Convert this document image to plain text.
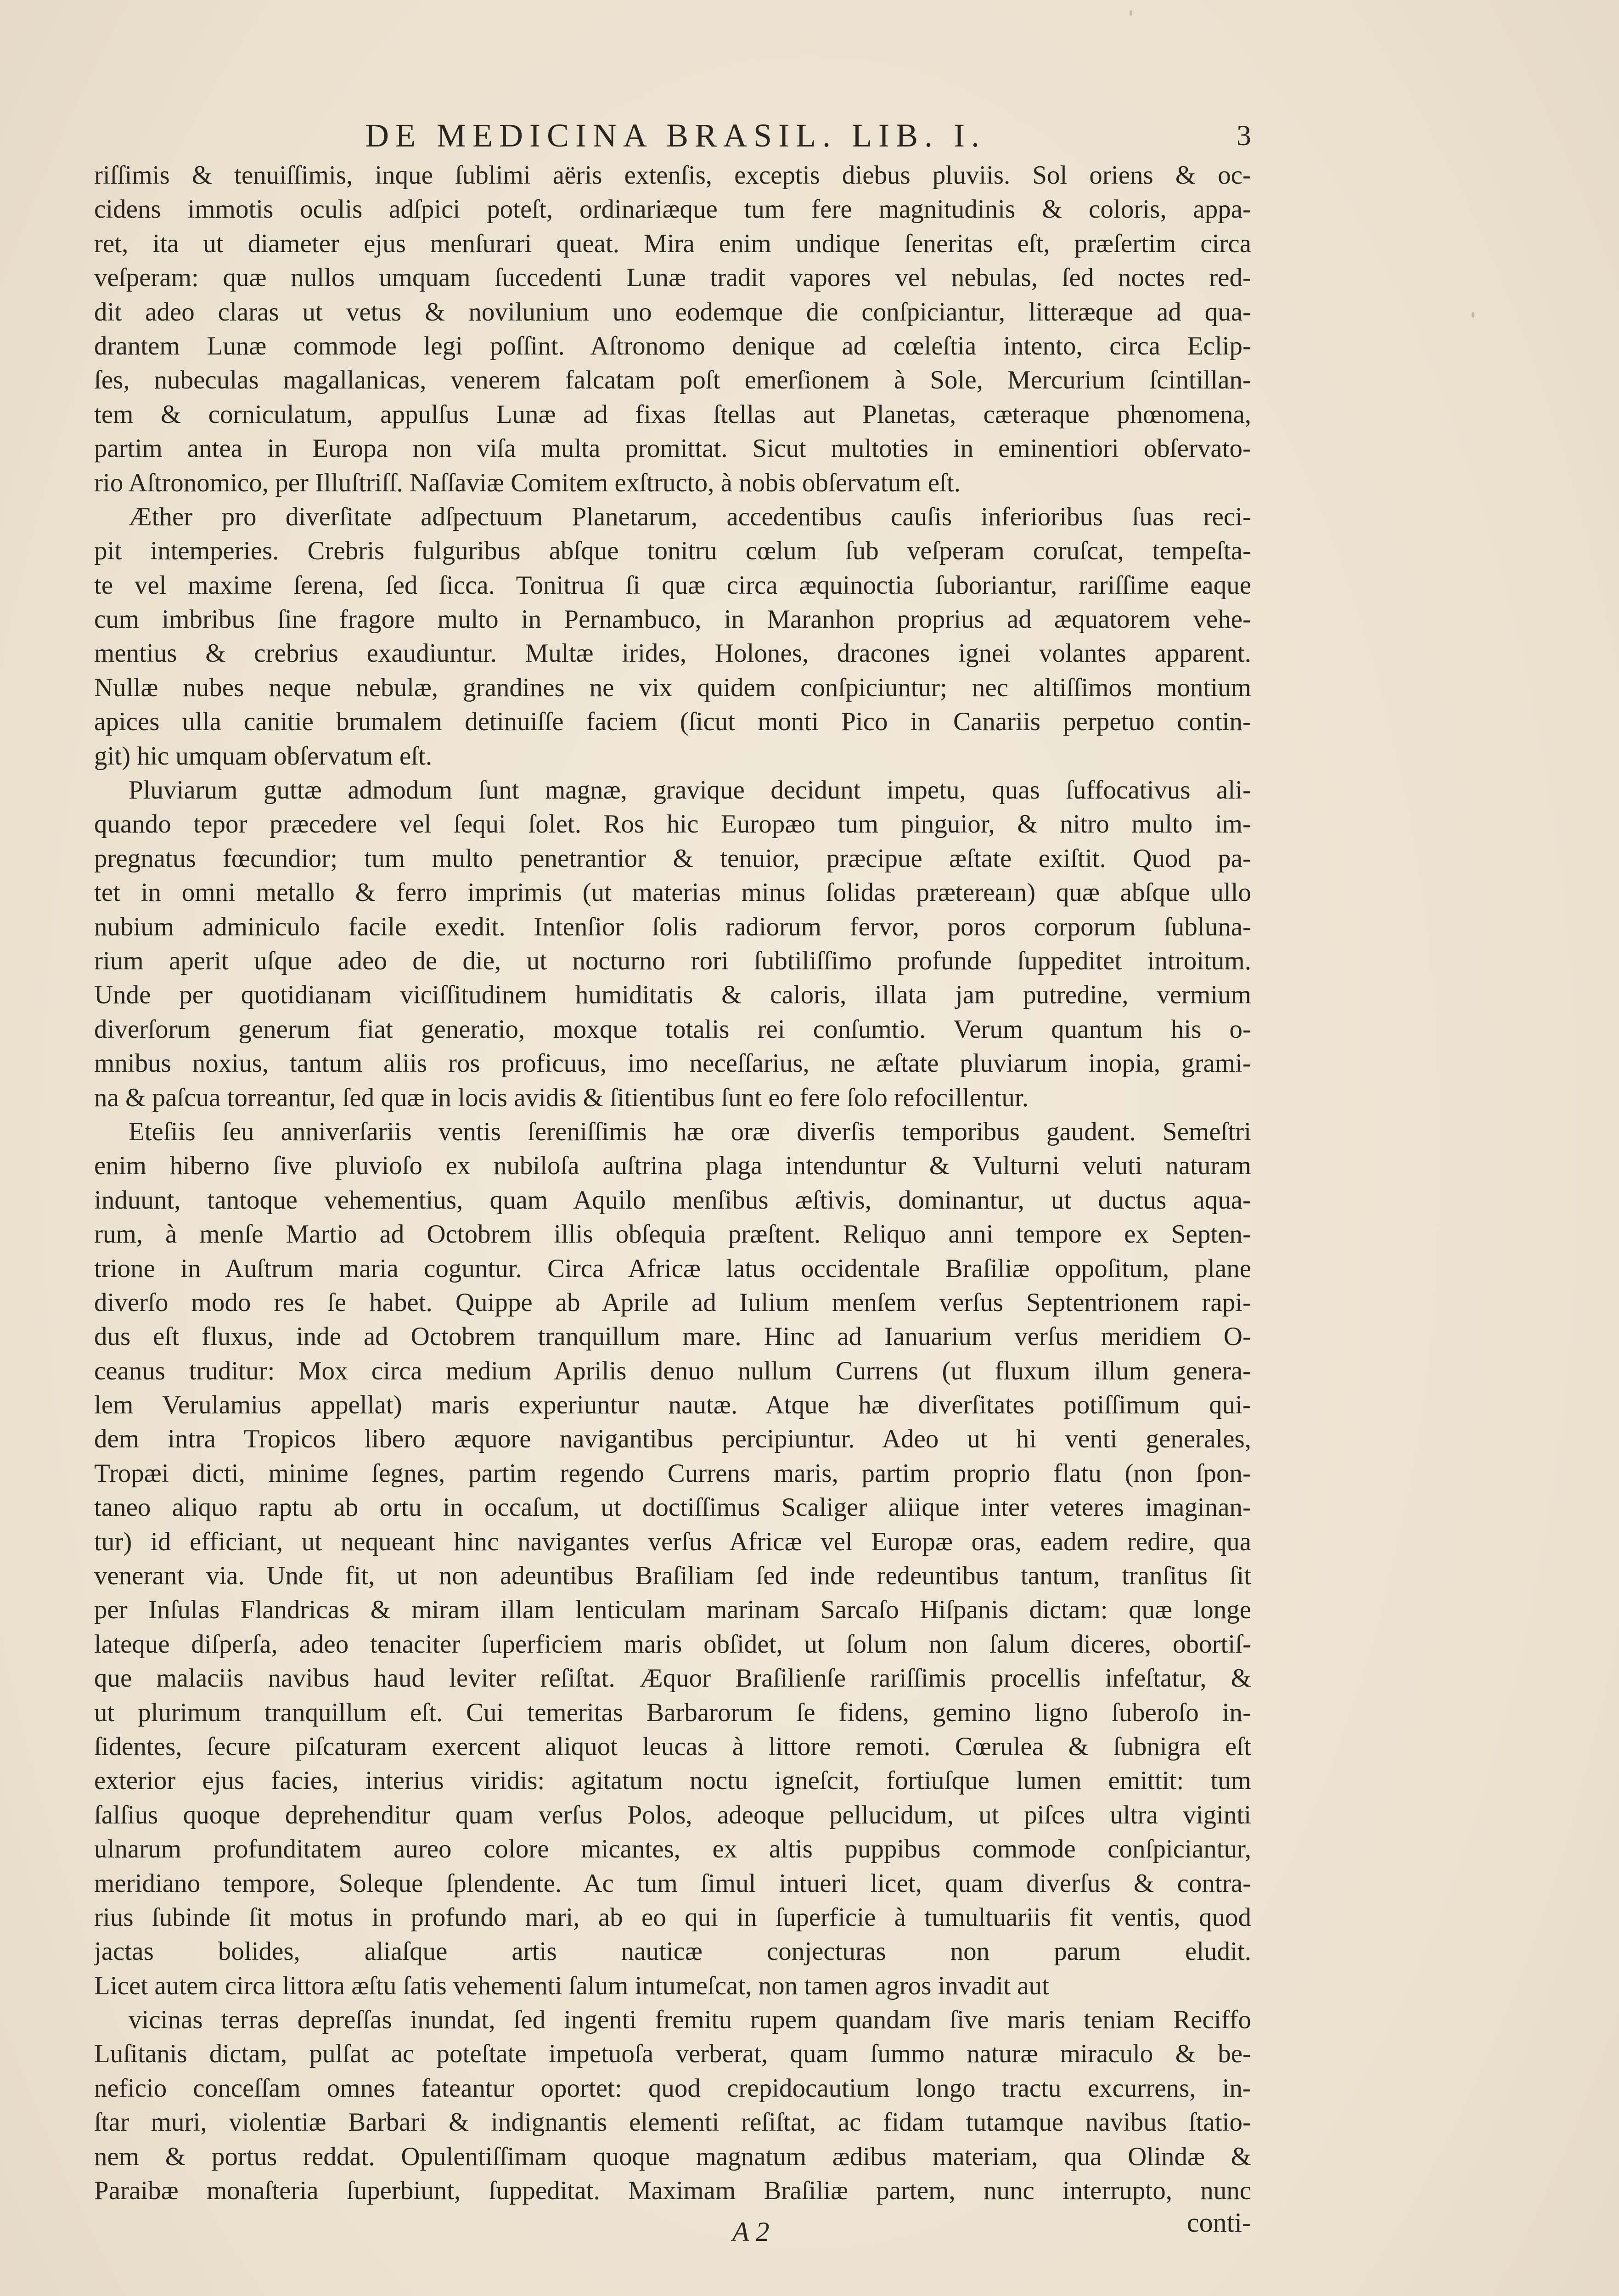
DE MEDICINA BRASIL. LIB. I.	3
riſſimis & tenuiſſimis, inque ſublimi aëris extenſis, exceptis diebus pluviis. Sol oriens & oc-
cidens immotis oculis adſpici poteſt, ordinariæque tum fere magnitudinis & coloris, appa-
ret, ita ut diameter ejus menſurari queat. Mira enim undique ſeneritas eſt, præſertim circa
veſperam: quæ nullos umquam ſuccedenti Lunæ tradit vapores vel nebulas, ſed noctes red-
dit adeo claras ut vetus & novilunium uno eodemque die conſpiciantur, litteræque ad qua-
drantem Lunæ commode legi poſſint. Aſtronomo denique ad cœleſtia intento, circa Eclip-
ſes, nubeculas magallanicas, venerem falcatam poſt emerſionem à Sole, Mercurium ſcintillan-
tem & corniculatum, appulſus Lunæ ad fixas ſtellas aut Planetas, cæteraque phœnomena,
partim antea in Europa non viſa multa promittat. Sicut multoties in eminentiori obſervato-
rio Aſtronomico, per Illuſtriſſ. Naſſaviæ Comitem exſtructo, à nobis obſervatum eſt.
Æther pro diverſitate adſpectuum Planetarum, accedentibus cauſis inferioribus ſuas reci-
pit intemperies. Crebris fulguribus abſque tonitru cœlum ſub veſperam coruſcat, tempeſta-
te vel maxime ſerena, ſed ſicca. Tonitrua ſi quæ circa æquinoctia ſuboriantur, rariſſime eaque
cum imbribus ſine fragore multo in Pernambuco, in Maranhon proprius ad æquatorem vehe-
mentius & crebrius exaudiuntur. Multæ irides, Holones, dracones ignei volantes apparent.
Nullæ nubes neque nebulæ, grandines ne vix quidem conſpiciuntur; nec altiſſimos montium
apices ulla canitie brumalem detinuiſſe faciem (ſicut monti Pico in Canariis perpetuo contin-
git) hic umquam obſervatum eſt.
Pluviarum guttæ admodum ſunt magnæ, gravique decidunt impetu, quas ſuffocativus ali-
quando tepor præcedere vel ſequi ſolet. Ros hic Europæo tum pinguior, & nitro multo im-
pregnatus fœcundior; tum multo penetrantior & tenuior, præcipue æſtate exiſtit. Quod pa-
tet in omni metallo & ferro imprimis (ut materias minus ſolidas prætereaın) quæ abſque ullo
nubium adminiculo facile exedit. Intenſior ſolis radiorum fervor, poros corporum ſubluna-
rium aperit uſque adeo de die, ut nocturno rori ſubtiliſſimo profunde ſuppeditet introitum.
Unde per quotidianam viciſſitudinem humiditatis & caloris, illata jam putredine, vermium
diverſorum generum fiat generatio, moxque totalis rei conſumtio. Verum quantum his o-
mnibus noxius, tantum aliis ros proficuus, imo neceſſarius, ne æſtate pluviarum inopia, grami-
na & paſcua torreantur, ſed quæ in locis avidis & ſitientibus ſunt eo fere ſolo refocillentur.
Eteſiis ſeu anniverſariis ventis ſereniſſimis hæ oræ diverſis temporibus gaudent. Semeſtri
enim hiberno ſive pluvioſo ex nubiloſa auſtrina plaga intenduntur & Vulturni veluti naturam
induunt, tantoque vehementius, quam Aquilo menſibus æſtivis, dominantur, ut ductus aqua-
rum, à menſe Martio ad Octobrem illis obſequia præſtent. Reliquo anni tempore ex Septen-
trione in Auſtrum maria coguntur. Circa Africæ latus occidentale Braſiliæ oppoſitum, plane
diverſo modo res ſe habet. Quippe ab Aprile ad Iulium menſem verſus Septentrionem rapi-
dus eſt fluxus, inde ad Octobrem tranquillum mare. Hinc ad Ianuarium verſus meridiem O-
ceanus truditur: Mox circa medium Aprilis denuo nullum Currens (ut fluxum illum genera-
lem Verulamius appellat) maris experiuntur nautæ. Atque hæ diverſitates potiſſimum qui-
dem intra Tropicos libero æquore navigantibus percipiuntur. Adeo ut hi venti generales,
Tropæi dicti, minime ſegnes, partim regendo Currens maris, partim proprio flatu (non ſpon-
taneo aliquo raptu ab ortu in occaſum, ut doctiſſimus Scaliger aliique inter veteres imaginan-
tur) id efficiant, ut nequeant hinc navigantes verſus Africæ vel Europæ oras, eadem redire, qua
venerant via. Unde fit, ut non adeuntibus Braſiliam ſed inde redeuntibus tantum, tranſitus ſit
per Inſulas Flandricas & miram illam lenticulam marinam Sarcaſo Hiſpanis dictam: quæ longe
lateque diſperſa, adeo tenaciter ſuperficiem maris obſidet, ut ſolum non ſalum diceres, obortiſ-
que malaciis navibus haud leviter reſiſtat. Æquor Braſilienſe rariſſimis procellis infeſtatur, &
ut plurimum tranquillum eſt. Cui temeritas Barbarorum ſe fidens, gemino ligno ſuberoſo in-
ſidentes, ſecure piſcaturam exercent aliquot leucas à littore remoti. Cœrulea & ſubnigra eſt
exterior ejus facies, interius viridis: agitatum noctu igneſcit, fortiuſque lumen emittit: tum
ſalſius quoque deprehenditur quam verſus Polos, adeoque pellucidum, ut piſces ultra viginti
ulnarum profunditatem aureo colore micantes, ex altis puppibus commode conſpiciantur,
meridiano tempore, Soleque ſplendente. Ac tum ſimul intueri licet, quam diverſus & contra-
rius ſubinde ſit motus in profundo mari, ab eo qui in ſuperficie à tumultuariis fit ventis, quod
jactas bolides, aliaſque artis nauticæ conjecturas non parum eludit.
Licet autem circa littora æſtu ſatis vehementi ſalum intumeſcat, non tamen agros invadit aut
vicinas terras depreſſas inundat, ſed ingenti fremitu rupem quandam ſive maris teniam Reciffo
Luſitanis dictam, pulſat ac poteſtate impetuoſa verberat, quam ſummo naturæ miraculo & be-
neficio conceſſam omnes fateantur oportet: quod crepidocautium longo tractu excurrens, in-
ſtar muri, violentiæ Barbari & indignantis elementi reſiſtat, ac fidam tutamque navibus ſtatio-
nem & portus reddat. Opulentiſſimam quoque magnatum ædibus materiam, qua Olindæ &
Paraibæ monaſteria ſuperbiunt, ſuppeditat. Maximam Braſiliæ partem, nunc interrupto, nunc
A 2	conti-
